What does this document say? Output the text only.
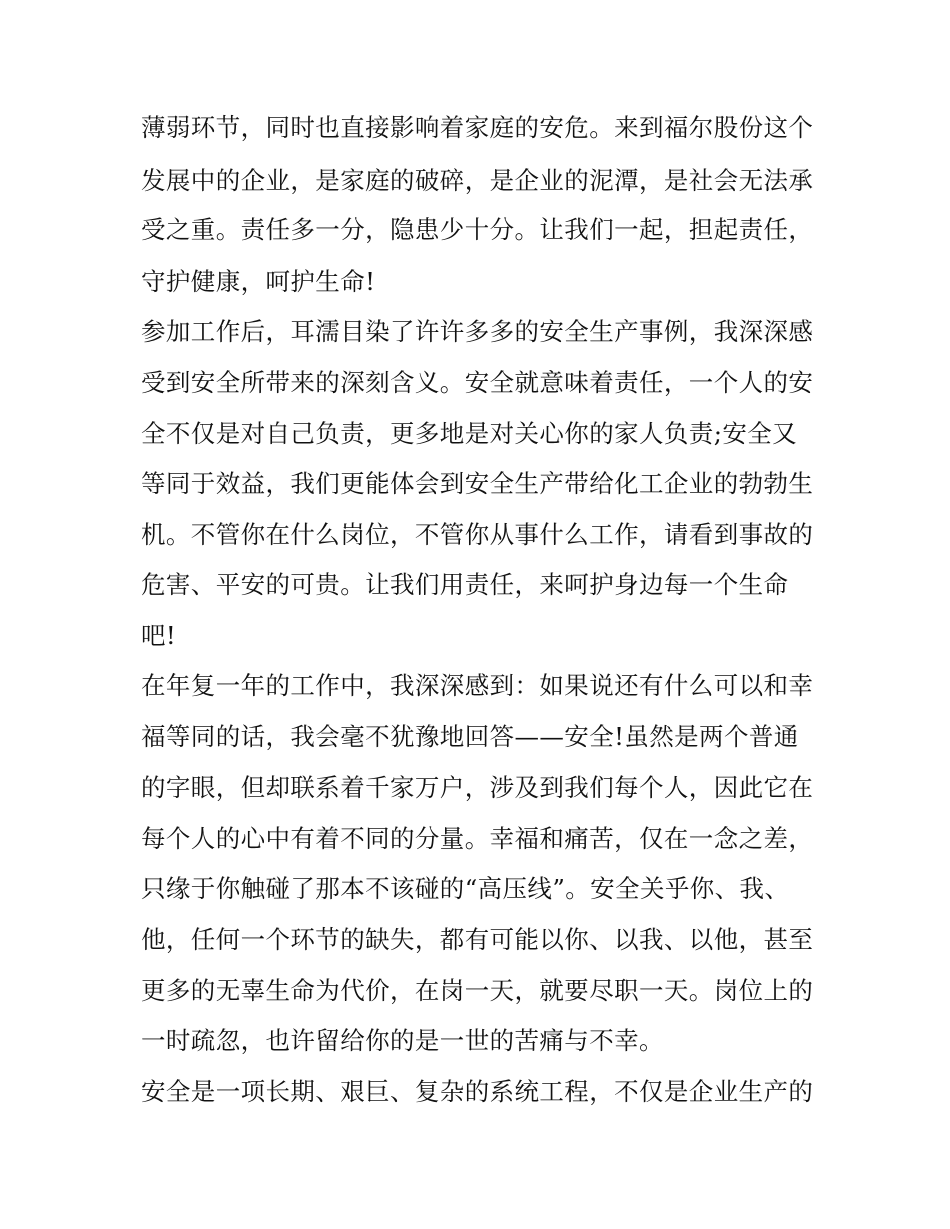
薄弱环节，同时也直接影响着家庭的安危。来到福尔股份这个

发展中的企业，是家庭的破碎，是企业的泥潭，是社会无法承

受之重。责任多一分，隐患少十分。让我们一起，担起责任，

守护健康，呵护生命!

参加工作后，耳濡目染了许许多多的安全生产事例，我深深感

受到安全所带来的深刻含义。安全就意味着责任，一个人的安

全不仅是对自己负责，更多地是对关心你的家人负责;安全又

等同于效益，我们更能体会到安全生产带给化工企业的勃勃生

机。不管你在什么岗位，不管你从事什么工作，请看到事故的

危害、平安的可贵。让我们用责任，来呵护身边每一个生命

吧!

在年复一年的工作中，我深深感到：如果说还有什么可以和幸

福等同的话，我会毫不犹豫地回答——安全!虽然是两个普通

的字眼，但却联系着千家万户，涉及到我们每个人，因此它在

每个人的心中有着不同的分量。幸福和痛苦，仅在一念之差，

只缘于你触碰了那本不该碰的“高压线”。安全关乎你、我、

他，任何一个环节的缺失，都有可能以你、以我、以他，甚至

更多的无辜生命为代价，在岗一天，就要尽职一天。岗位上的

一时疏忽，也许留给你的是一世的苦痛与不幸。

安全是一项长期、艰巨、复杂的系统工程，不仅是企业生产的
